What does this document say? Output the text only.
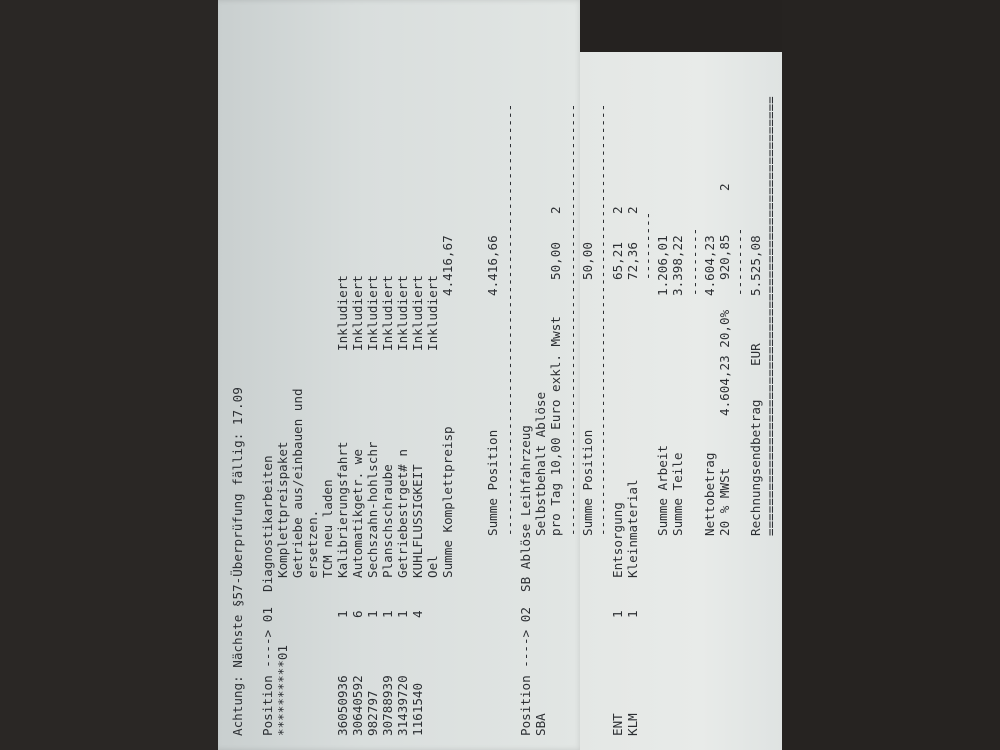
Achtung: Nächste §57-Überprüfung fällig: 17.09 Position ----> 01  Diagnostikarbeiten **********01
Komplettpreispaket Getriebe aus/einbauen und ersetzen. TCM neu laden
36050936
1
Kalibrierungsfahrt
Inkludiert
30640592
6
Automatikgetr. we
Inkludiert
982797
1
Sechszahn-hohlschr
Inkludiert
30788939
1
Planschschraube
Inkludiert
31439720
1
Getriebestrget# n
Inkludiert
1161540
4
KUHLFLUSSIGKEIT
Inkludiert
Oel
Inkludiert
Summe Komplettpreisp
4.416,67
Summe Position
4.416,66 ---------------------------------------------------------
Position ----> 02  SB Ablöse Leihfahrzeug SBA
Selbstbehalt Ablöse pro Tag 10,00 Euro exkl. Mwst
50,00
2 --------------------------------------------------------- Summe Position
50,00 ---------------------------------------------------------
ENT
1
Entsorgung
65,21
2
KLM
1
Kleinmaterial
72,36
2
---------
Summe Arbeit
1.206,01
Summe Teile
3.398,22 ---------
Nettobetrag
4.604,23
20 % MWSt
4.604,23 20,0%
920,85
2
---------
Rechnungsendbetrag
EUR
5.525,08 ==========================================================
